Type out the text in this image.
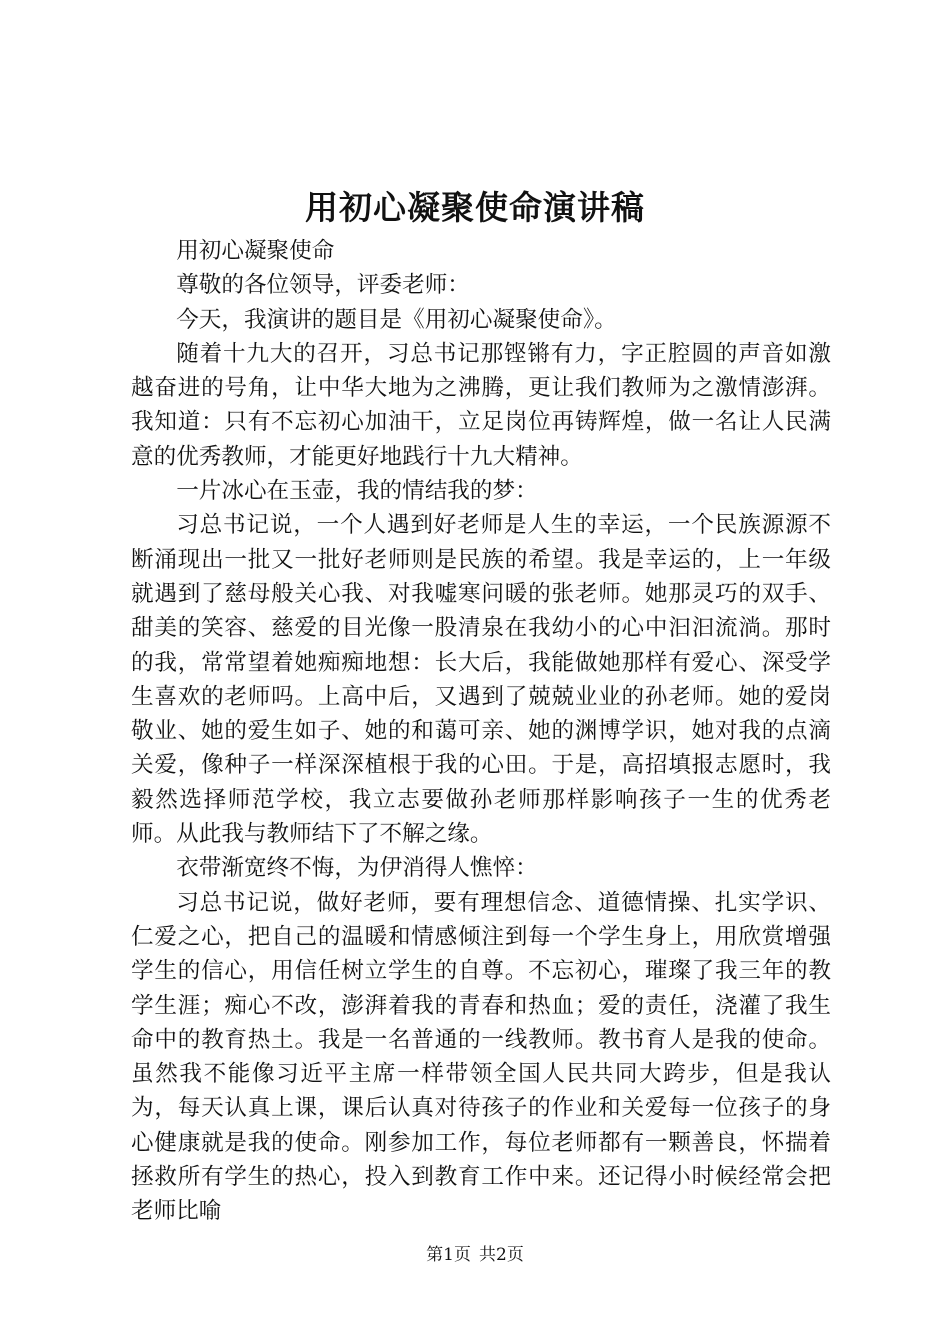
用初心凝聚使命演讲稿

用初心凝聚使命

尊敬的各位领导，评委老师：

今天，我演讲的题目是《用初心凝聚使命》。

随着十九大的召开，习总书记那铿锵有力，字正腔圆的声音如激越奋进的号角，让中华大地为之沸腾，更让我们教师为之激情澎湃。我知道：只有不忘初心加油干，立足岗位再铸辉煌，做一名让人民满意的优秀教师，才能更好地践行十九大精神。

一片冰心在玉壶，我的情结我的梦：

习总书记说，一个人遇到好老师是人生的幸运，一个民族源源不断涌现出一批又一批好老师则是民族的希望。我是幸运的，上一年级就遇到了慈母般关心我、对我嘘寒问暖的张老师。她那灵巧的双手、甜美的笑容、慈爱的目光像一股清泉在我幼小的心中汩汩流淌。那时的我，常常望着她痴痴地想：长大后，我能做她那样有爱心、深受学生喜欢的老师吗。上高中后，又遇到了兢兢业业的孙老师。她的爱岗敬业、她的爱生如子、她的和蔼可亲、她的渊博学识，她对我的点滴关爱，像种子一样深深植根于我的心田。于是，高招填报志愿时，我毅然选择师范学校，我立志要做孙老师那样影响孩子一生的优秀老师。从此我与教师结下了不解之缘。

衣带渐宽终不悔，为伊消得人憔悴：

习总书记说，做好老师，要有理想信念、道德情操、扎实学识、仁爱之心，把自己的温暖和情感倾注到每一个学生身上，用欣赏增强学生的信心，用信任树立学生的自尊。不忘初心，璀璨了我三年的教学生涯；痴心不改，澎湃着我的青春和热血；爱的责任，浇灌了我生命中的教育热土。我是一名普通的一线教师。教书育人是我的使命。虽然我不能像习近平主席一样带领全国人民共同大跨步，但是我认为，每天认真上课，课后认真对待孩子的作业和关爱每一位孩子的身心健康就是我的使命。刚参加工作，每位老师都有一颗善良，怀揣着拯救所有学生的热心，投入到教育工作中来。还记得小时候经常会把老师比喻

第1页 共2页
